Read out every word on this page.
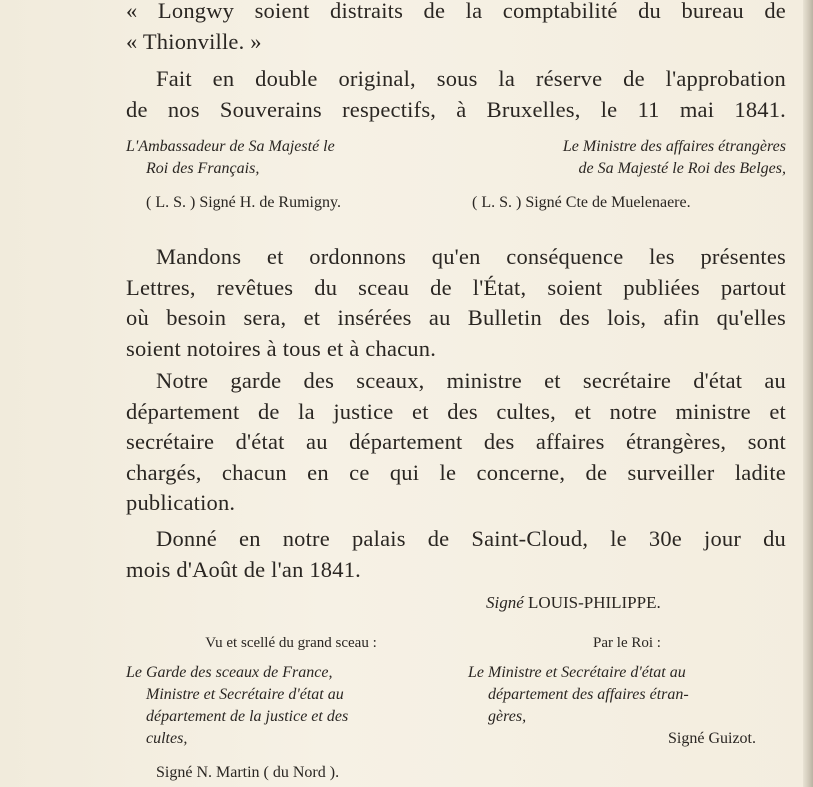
« Longwy soient distraits de la comptabilité du bureau de

« Thionville. »

Fait en double original, sous la réserve de l'approbation

de nos Souverains respectifs, à Bruxelles, le 11 mai 1841.

L'Ambassadeur de Sa Majesté le

Roi des Français,

Le Ministre des affaires étrangères

de Sa Majesté le Roi des Belges,

( L. S. ) Signé H. de Rumigny.	( L. S. ) Signé Cte de Muelenaere.

Mandons et ordonnons qu'en conséquence les présentes

Lettres, revêtues du sceau de l'État, soient publiées partout

où besoin sera, et insérées au Bulletin des lois, afin qu'elles

soient notoires à tous et à chacun.

Notre garde des sceaux, ministre et secrétaire d'état au

département de la justice et des cultes, et notre ministre et

secrétaire d'état au département des affaires étrangères, sont

chargés, chacun en ce qui le concerne, de surveiller ladite

publication.

Donné en notre palais de Saint-Cloud, le 30e jour du

mois d'Août de l'an 1841.

Signé LOUIS-PHILIPPE.

Vu et scellé du grand sceau :

Le Garde des sceaux de France,

Ministre et Secrétaire d'état au

département de la justice et des

cultes,

Par le Roi :

Le Ministre et Secrétaire d'état au

département des affaires étran-

gères,

Signé Guizot.

Signé N. Martin ( du Nord ).
